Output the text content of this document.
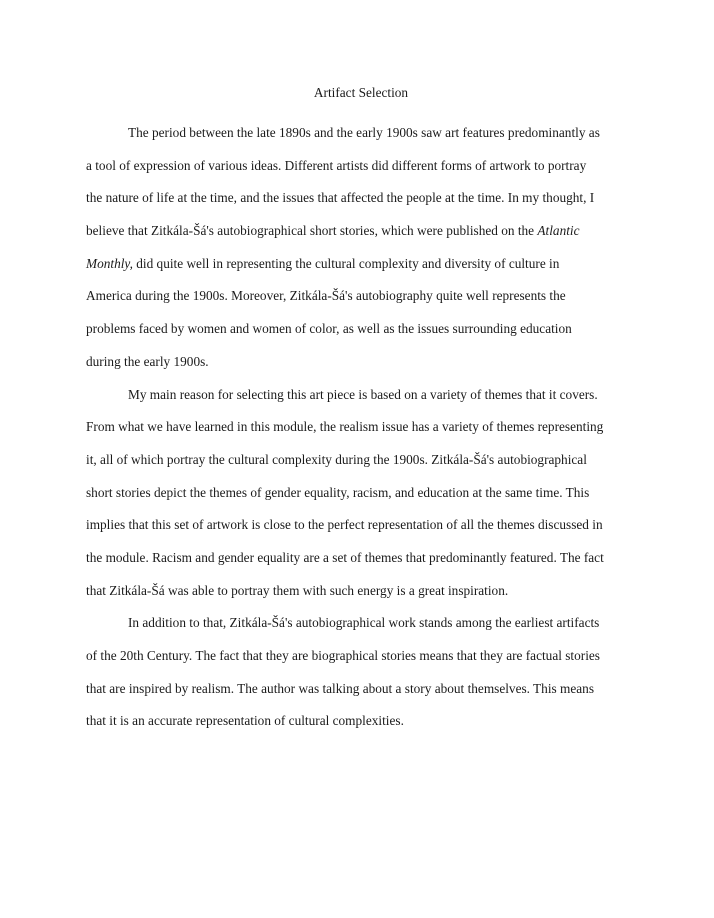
Artifact Selection
The period between the late 1890s and the early 1900s saw art features predominantly as
a tool of expression of various ideas. Different artists did different forms of artwork to portray
the nature of life at the time, and the issues that affected the people at the time. In my thought, I
believe that Zitkála-Šá's autobiographical short stories, which were published on the Atlantic
Monthly, did quite well in representing the cultural complexity and diversity of culture in
America during the 1900s. Moreover, Zitkála-Šá's autobiography quite well represents the
problems faced by women and women of color, as well as the issues surrounding education
during the early 1900s.
My main reason for selecting this art piece is based on a variety of themes that it covers.
From what we have learned in this module, the realism issue has a variety of themes representing
it, all of which portray the cultural complexity during the 1900s. Zitkála-Šá's autobiographical
short stories depict the themes of gender equality, racism, and education at the same time. This
implies that this set of artwork is close to the perfect representation of all the themes discussed in
the module. Racism and gender equality are a set of themes that predominantly featured. The fact
that Zitkála-Šá was able to portray them with such energy is a great inspiration.
In addition to that, Zitkála-Šá's autobiographical work stands among the earliest artifacts
of the 20th Century. The fact that they are biographical stories means that they are factual stories
that are inspired by realism. The author was talking about a story about themselves. This means
that it is an accurate representation of cultural complexities.
